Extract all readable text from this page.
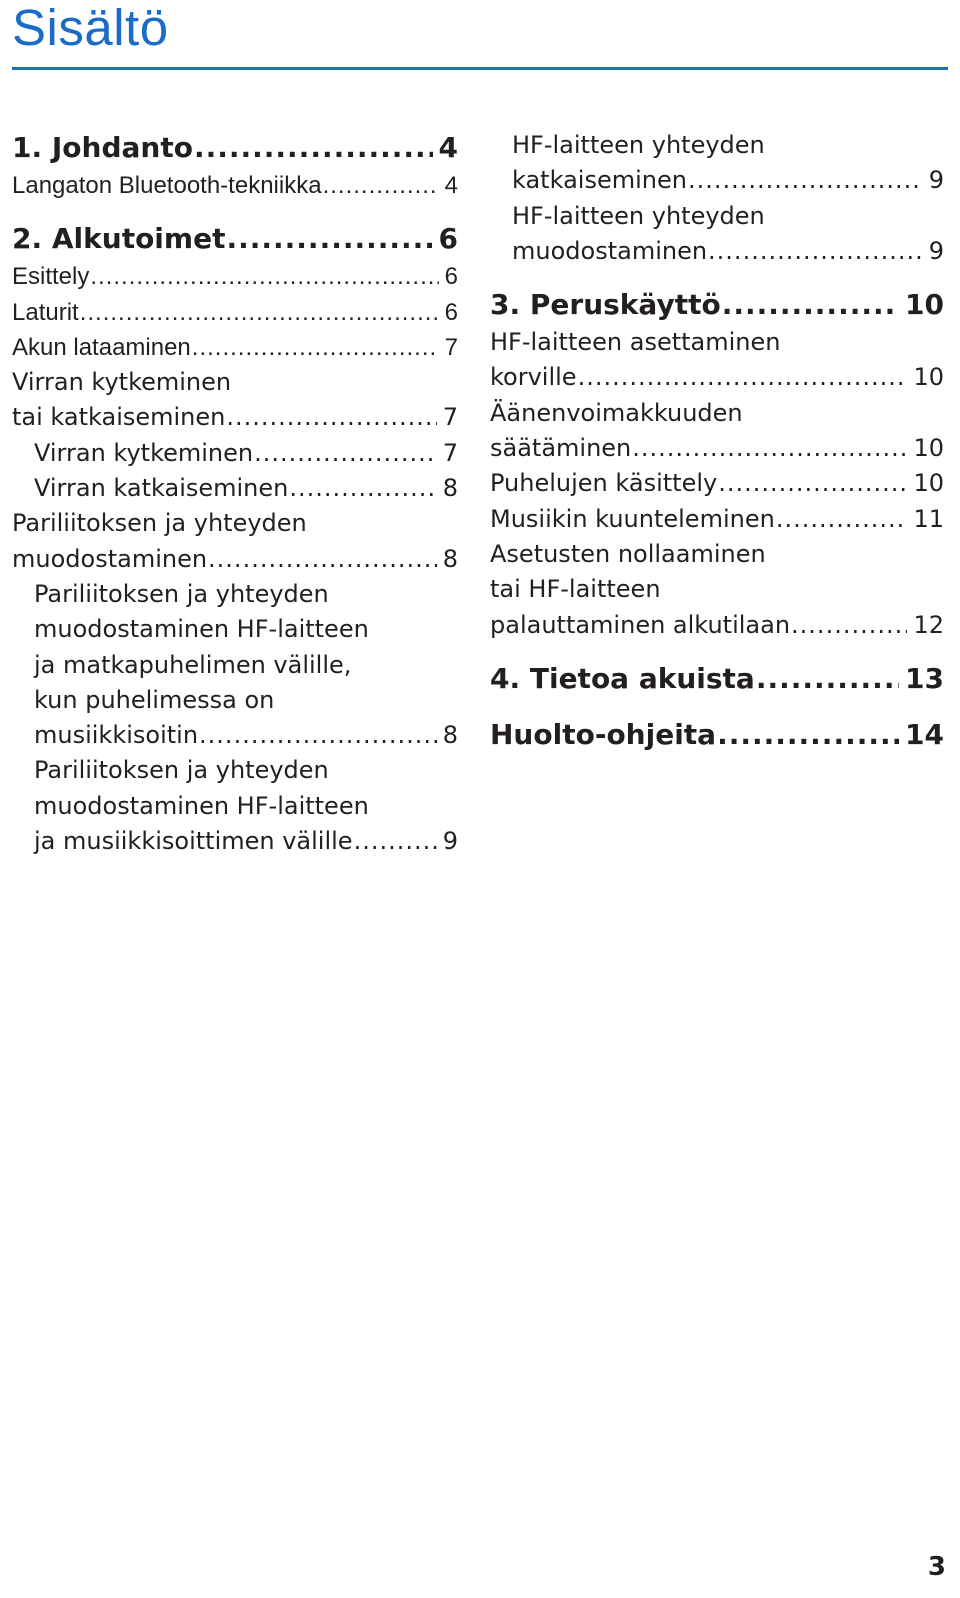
Sisältö
1. Johdanto .....	4
Langaton Bluetooth-tekniikka .....	4
2. Alkutoimet .....	6
Esittely .....	6
Laturit .....	6
Akun lataaminen .....	7
Virran kytkeminen
tai katkaiseminen .....	7
Virran kytkeminen .....	7
Virran katkaiseminen .....	8
Pariliitoksen ja yhteyden
muodostaminen .....	8
Pariliitoksen ja yhteyden
muodostaminen HF-laitteen
ja matkapuhelimen välille,
kun puhelimessa on
musiikkisoitin .....	8
Pariliitoksen ja yhteyden
muodostaminen HF-laitteen
ja musiikkisoittimen välille .....	9
HF-laitteen yhteyden
katkaiseminen .....	9
HF-laitteen yhteyden
muodostaminen .....	9
3. Peruskäyttö .....	10
HF-laitteen asettaminen
korville .....	10
Äänenvoimakkuuden
säätäminen .....	10
Puhelujen käsittely .....	10
Musiikin kuunteleminen .....	11
Asetusten nollaaminen
tai HF-laitteen
palauttaminen alkutilaan .....	12
4. Tietoa akuista .....	13
Huolto-ohjeita .....	14
3
